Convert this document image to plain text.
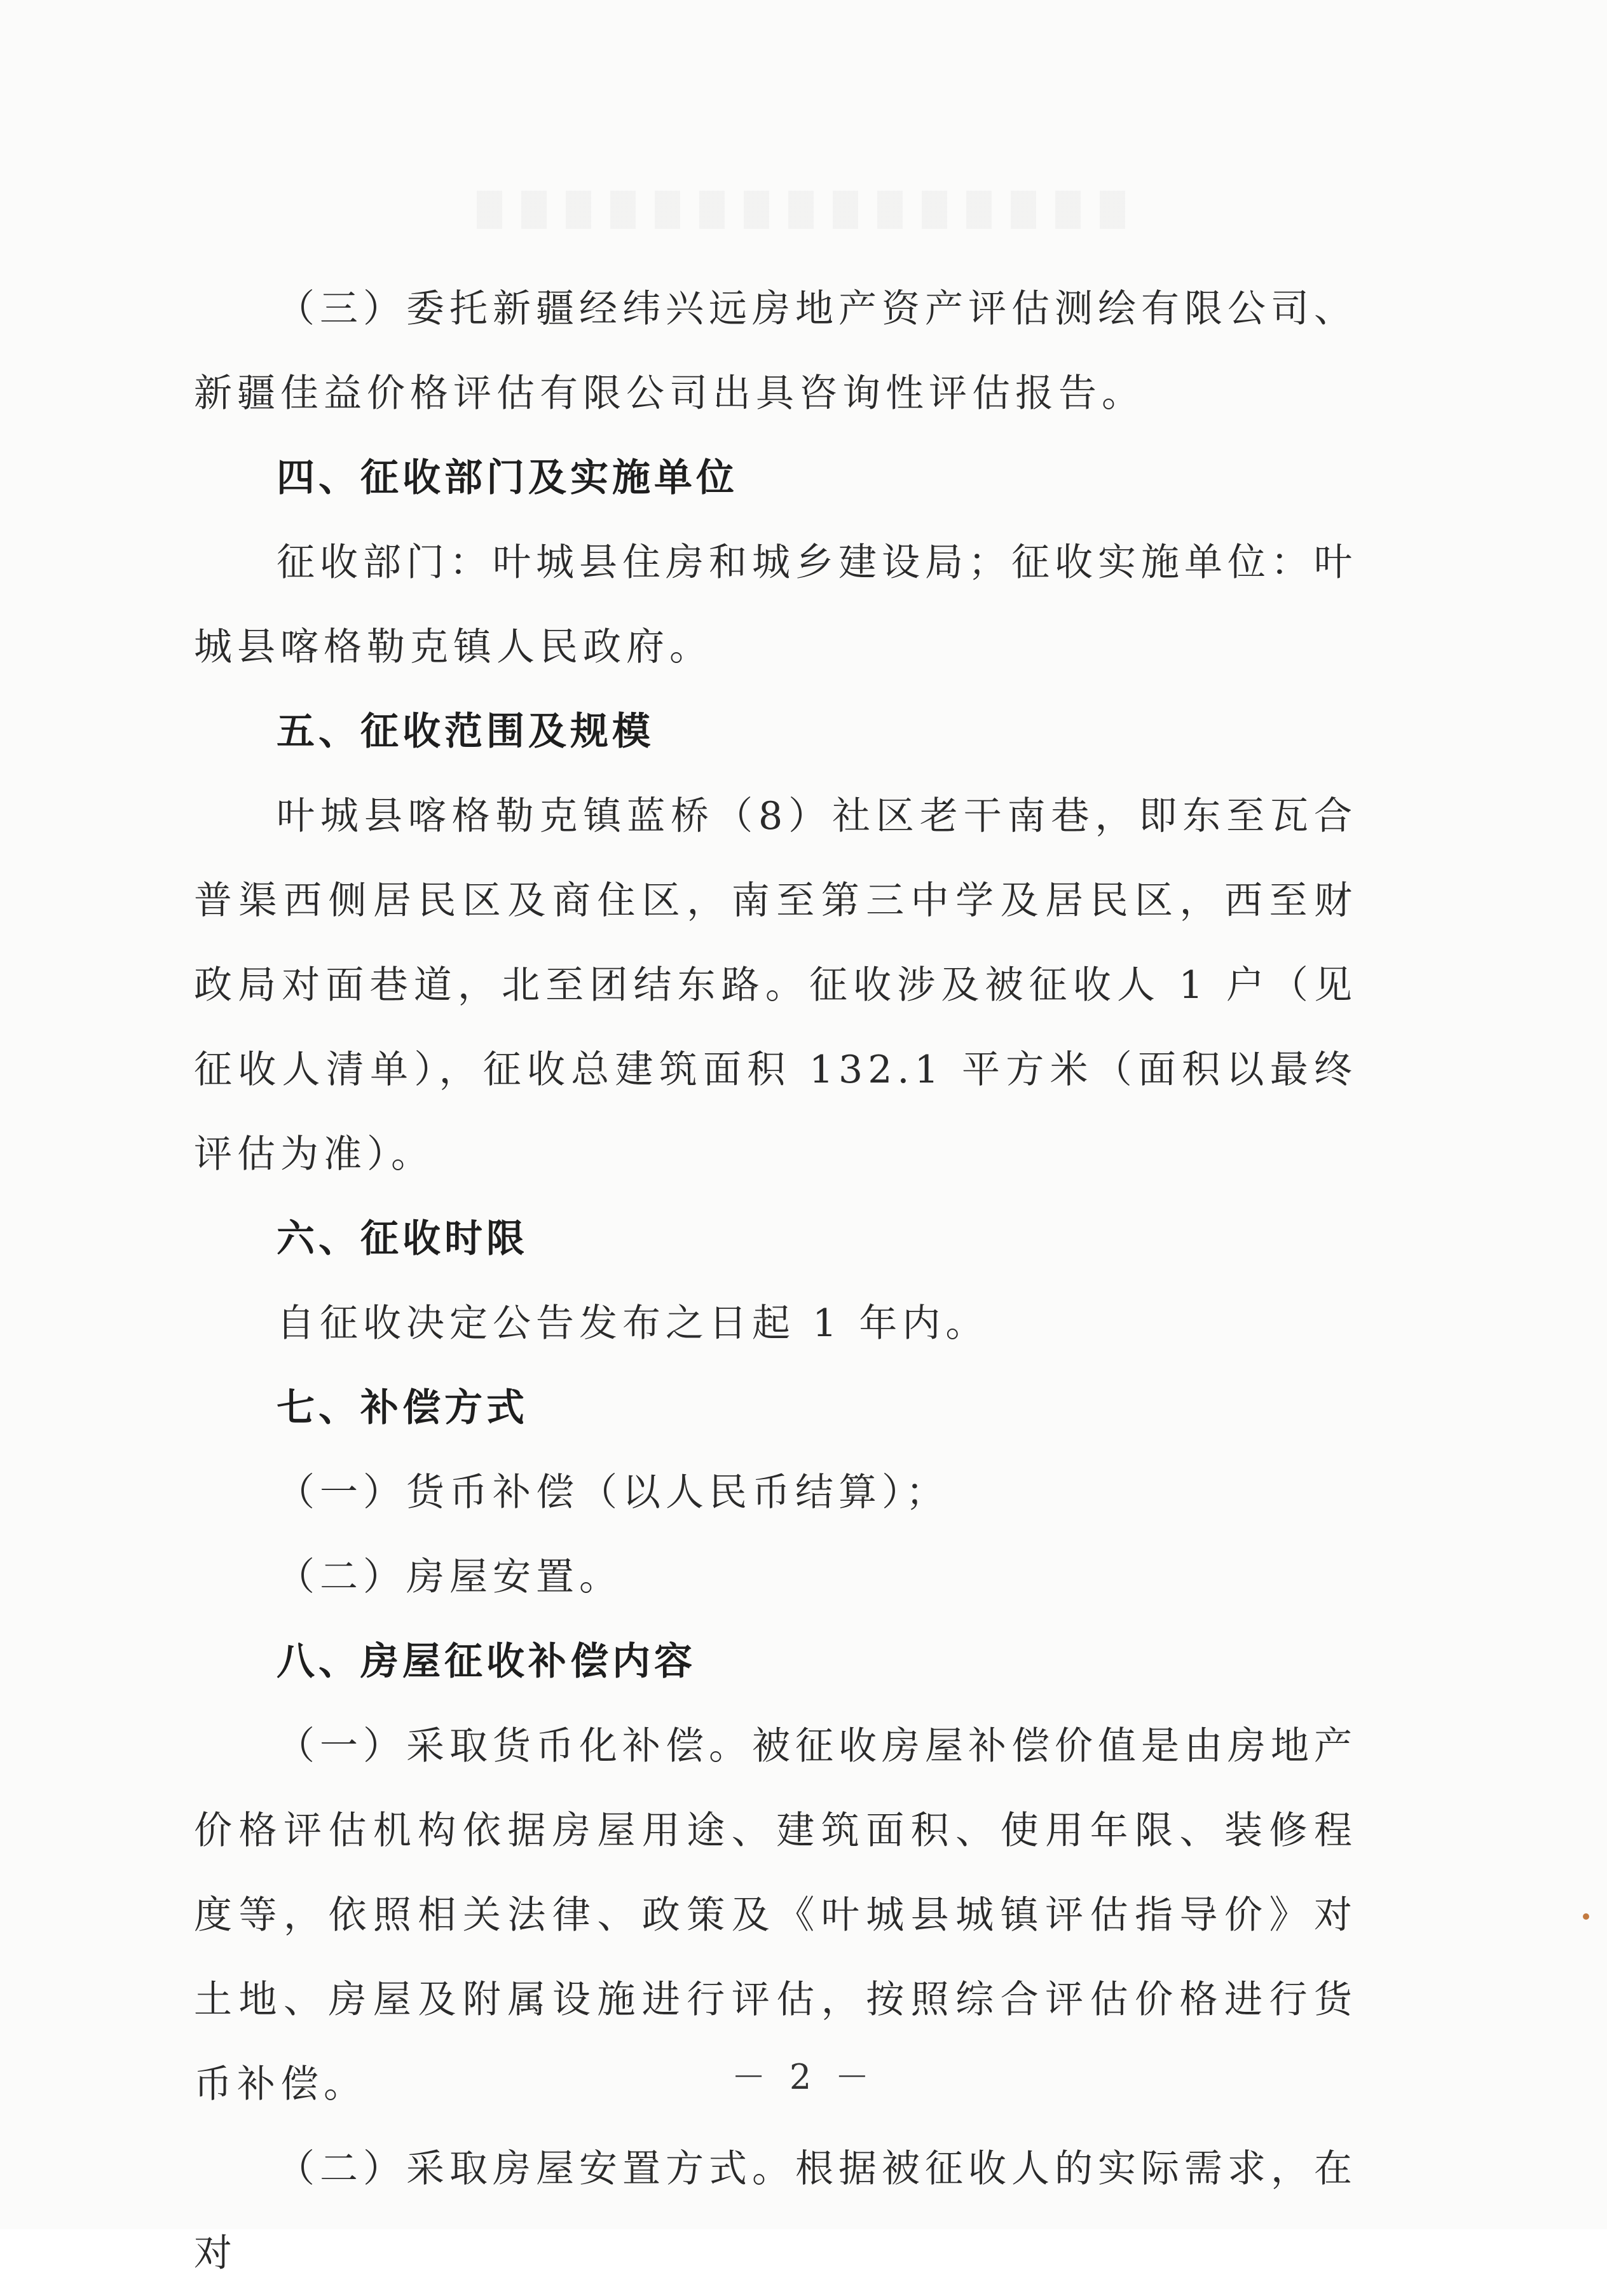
（三）委托新疆经纬兴远房地产资产评估测绘有限公司、新疆佳益价格评估有限公司出具咨询性评估报告。

四、征收部门及实施单位

征收部门：叶城县住房和城乡建设局；征收实施单位：叶城县喀格勒克镇人民政府。

五、征收范围及规模

叶城县喀格勒克镇蓝桥（8）社区老干南巷，即东至瓦合普渠西侧居民区及商住区，南至第三中学及居民区，西至财政局对面巷道，北至团结东路。征收涉及被征收人 1 户（见征收人清单），征收总建筑面积 132.1 平方米（面积以最终评估为准）。

六、征收时限

自征收决定公告发布之日起 1 年内。

七、补偿方式

（一）货币补偿（以人民币结算）；

（二）房屋安置。

八、房屋征收补偿内容

（一）采取货币化补偿。被征收房屋补偿价值是由房地产价格评估机构依据房屋用途、建筑面积、使用年限、装修程度等，依照相关法律、政策及《叶城县城镇评估指导价》对土地、房屋及附属设施进行评估，按照综合评估价格进行货币补偿。

（二）采取房屋安置方式。根据被征收人的实际需求，在对

－ 2 －
